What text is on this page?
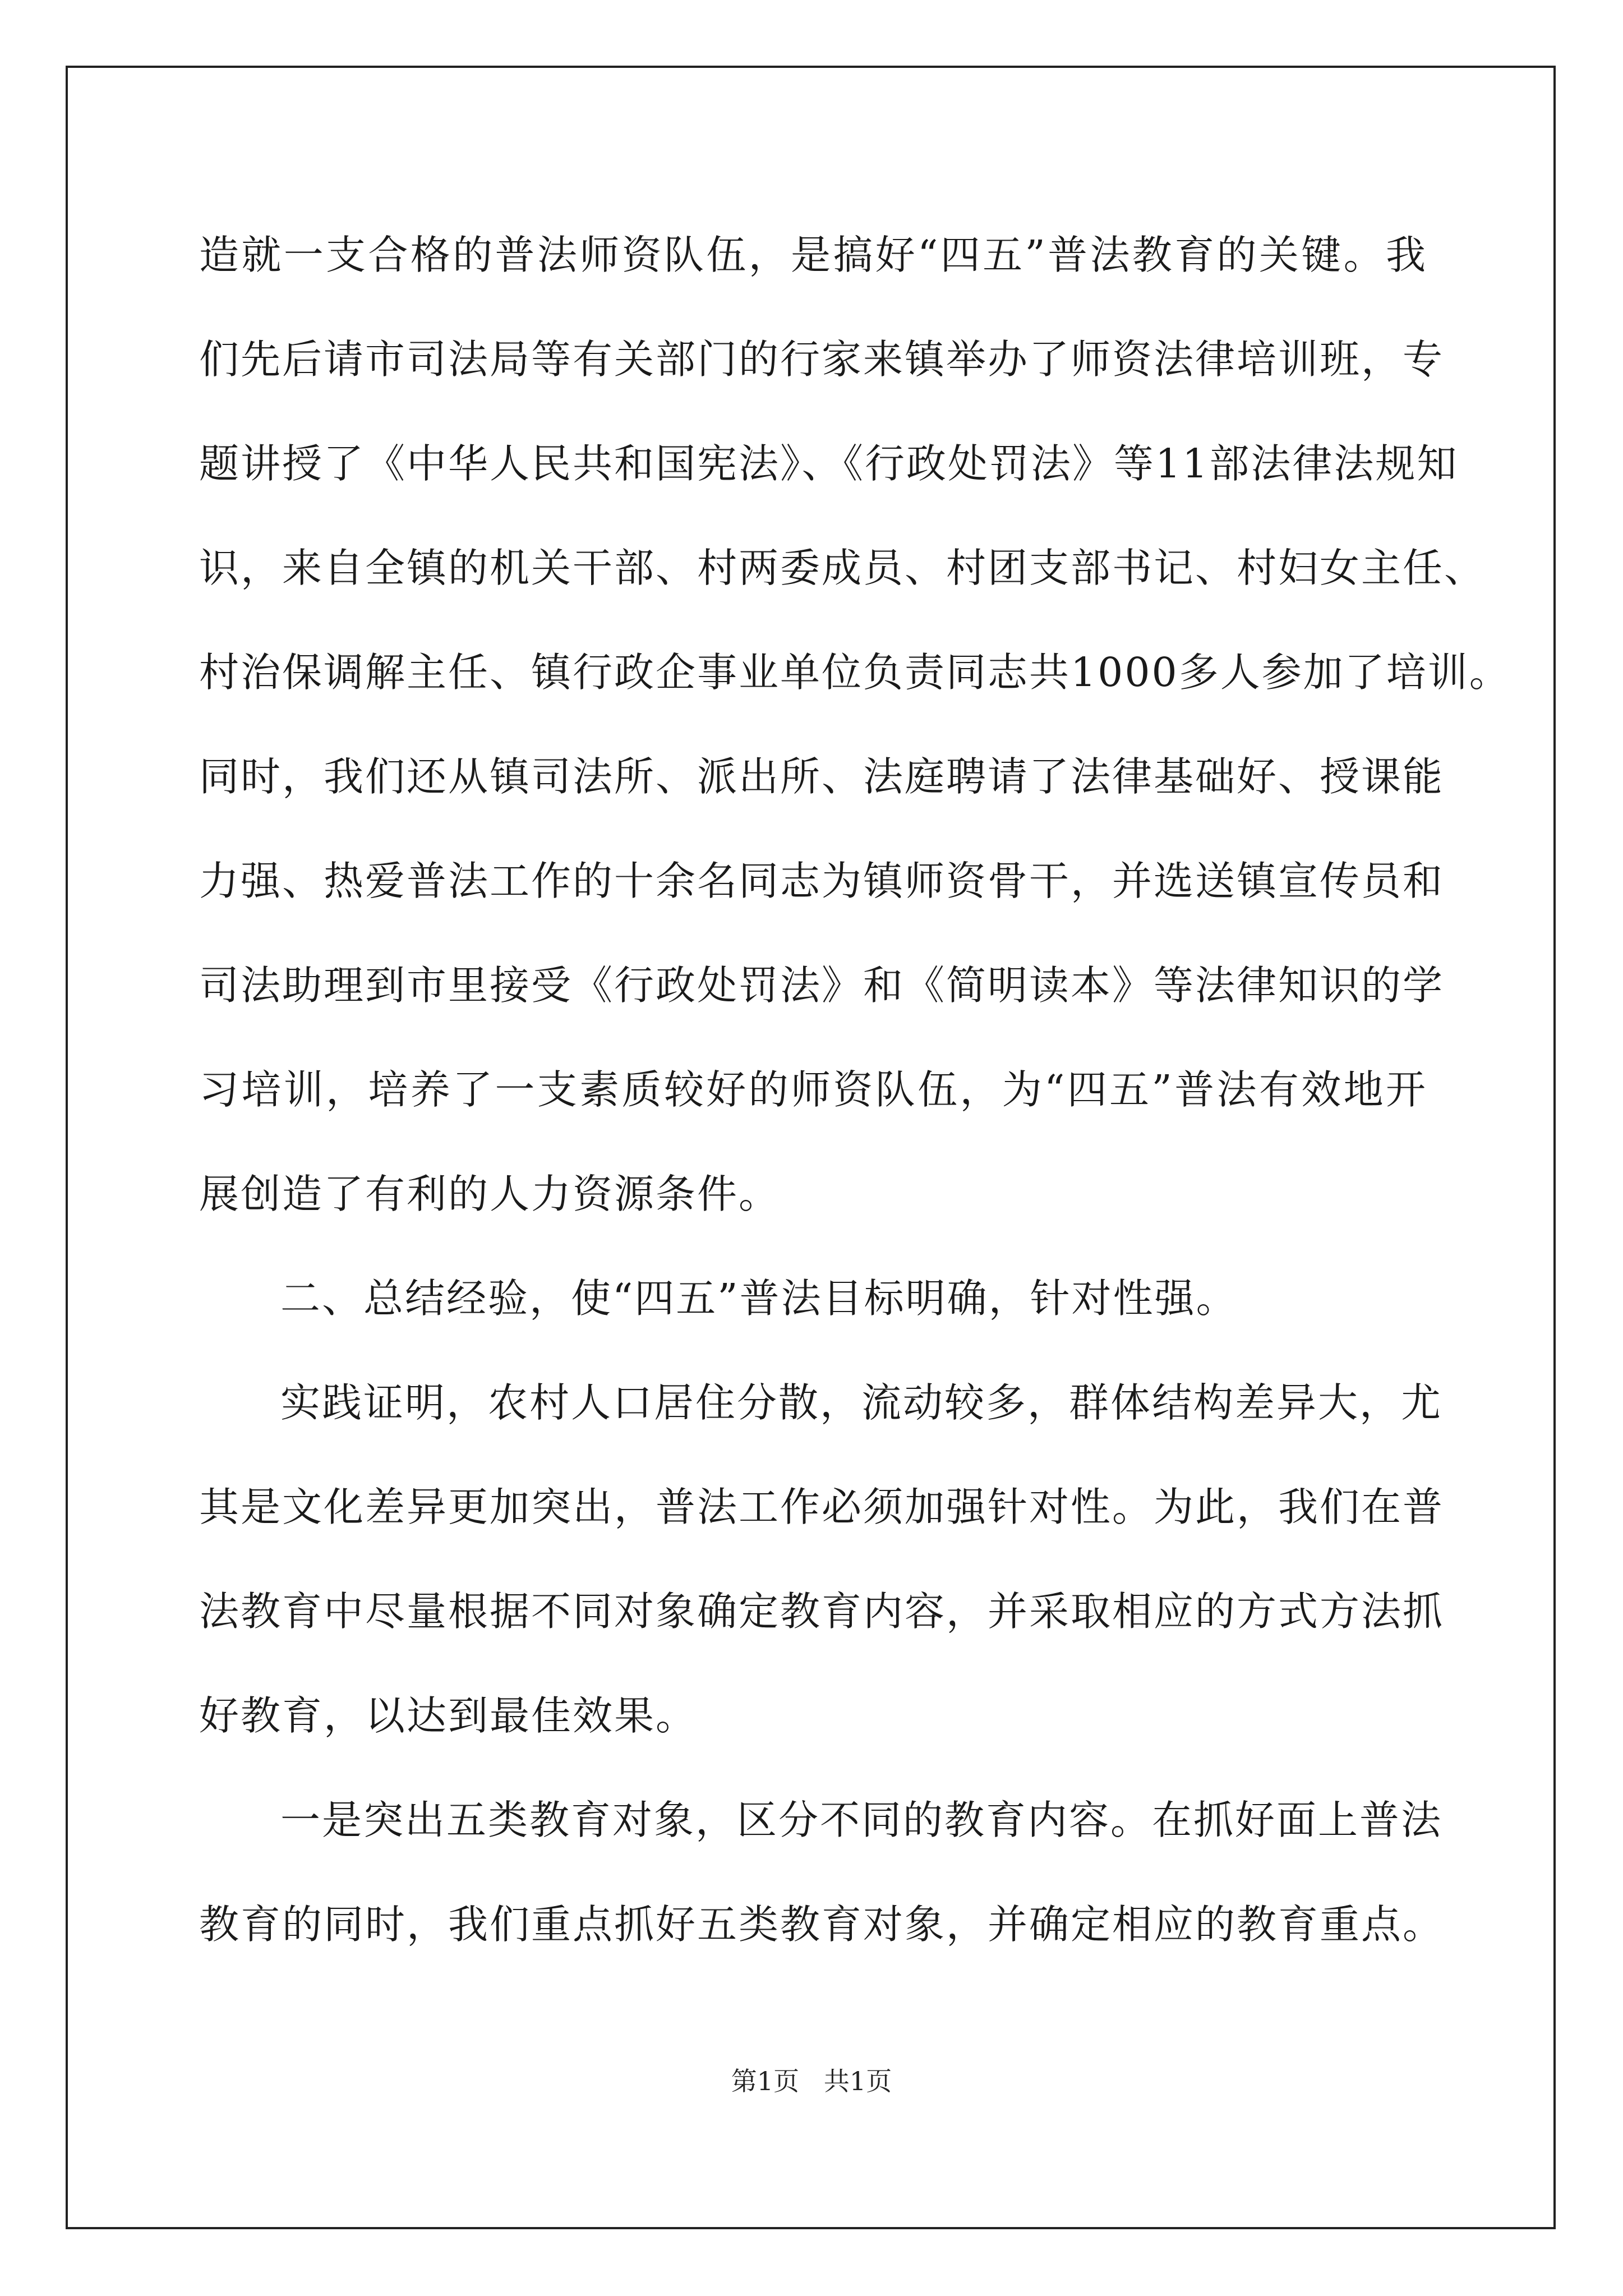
造就一支合格的普法师资队伍，是搞好“四五”普法教育的关键。我
们先后请市司法局等有关部门的行家来镇举办了师资法律培训班，专
题讲授了《中华人民共和国宪法》、《行政处罚法》等11部法律法规知
识，来自全镇的机关干部、村两委成员、村团支部书记、村妇女主任、
村治保调解主任、镇行政企事业单位负责同志共1000多人参加了培训。
同时，我们还从镇司法所、派出所、法庭聘请了法律基础好、授课能
力强、热爱普法工作的十余名同志为镇师资骨干，并选送镇宣传员和
司法助理到市里接受《行政处罚法》和《简明读本》等法律知识的学
习培训，培养了一支素质较好的师资队伍，为“四五”普法有效地开
展创造了有利的人力资源条件。
二、总结经验，使“四五”普法目标明确，针对性强。
实践证明，农村人口居住分散，流动较多，群体结构差异大，尤
其是文化差异更加突出，普法工作必须加强针对性。为此，我们在普
法教育中尽量根据不同对象确定教育内容，并采取相应的方式方法抓
好教育，以达到最佳效果。
一是突出五类教育对象，区分不同的教育内容。在抓好面上普法
教育的同时，我们重点抓好五类教育对象，并确定相应的教育重点。
第1页   共1页
